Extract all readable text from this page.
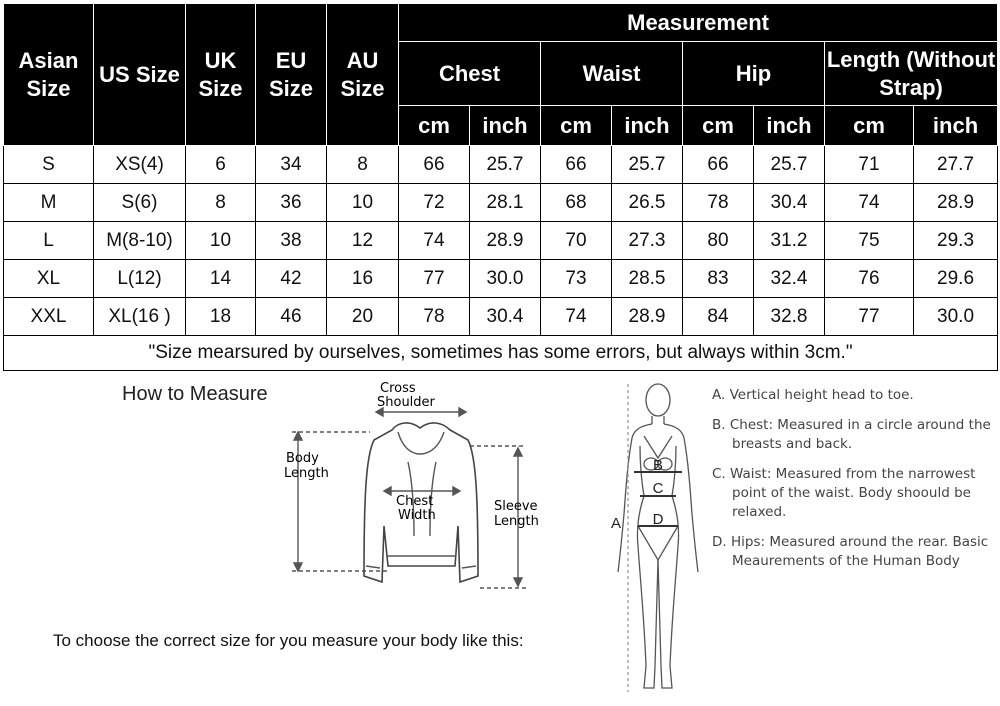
Asian Size	US Size	UK Size	EU Size	AU Size	Measurement							
					Chest		Waist		Hip		Length (Without Strap)	
					cm	inch	cm	inch	cm	inch	cm	inch
S	XS(4)	6	34	8	66	25.7	66	25.7	66	25.7	71	27.7
M	S(6)	8	36	10	72	28.1	68	26.5	78	30.4	74	28.9
L	M(8-10)	10	38	12	74	28.9	70	27.3	80	31.2	75	29.3
XL	L(12)	14	42	16	77	30.0	73	28.5	83	32.4	76	29.6
XXL	XL(16 )	18	46	20	78	30.4	74	28.9	84	32.8	77	30.0
"Size mearsured by ourselves, sometimes has some errors, but always within 3cm."												
How to Measure	Cross
Shoulder
Body
Length
Chest
Width
Sleeve
Length
To choose the correct size for you measure your body like this:
B
C
D
A

A. Vertical height head to toe.

B. Chest: Measured in a circle around the breasts and back.

C. Waist: Measured from the narrowest point of the waist. Body shoould be relaxed.

D. Hips: Measured around the rear. Basic Meaurements of the Human Body
